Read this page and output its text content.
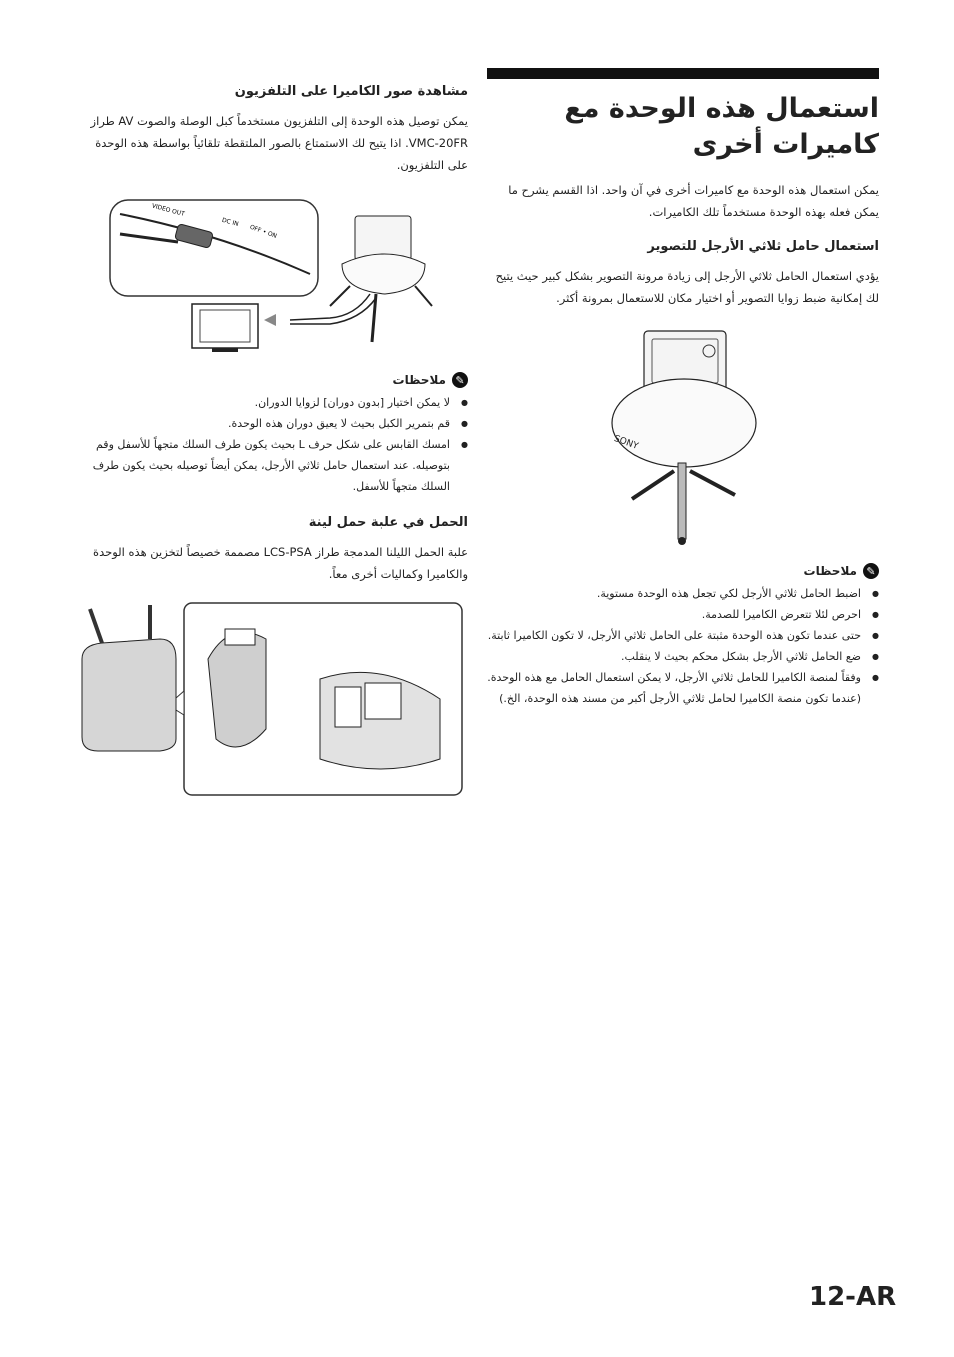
استعمال هذه الوحدة مع كاميرات أخرى

يمكن استعمال هذه الوحدة مع كاميرات أخرى في آن واحد. اذا القسم يشرح ما يمكن فعله بهذه الوحدة مستخدماً تلك الكاميرات.

استعمال حامل ثلاثي الأرجل للتصوير

يؤدي استعمال الحامل ثلاثي الأرجل إلى زيادة مرونة التصوير بشكل كبير حيث يتيح لك إمكانية ضبط زوايا التصوير أو اختيار مكان للاستعمال بمرونة أكثر.

SONY
✎
ملاحظات
● اضبط الحامل ثلاثي الأرجل لكي تجعل هذه الوحدة مستوية.
● احرص لئلا تتعرض الكاميرا للصدمة.
● حتى عندما تكون هذه الوحدة مثبتة على الحامل ثلاثي الأرجل، لا تكون الكاميرا ثابتة.
● ضع الحامل ثلاثي الأرجل بشكل محكم بحيث لا ينقلب.
● وفقاً لمنصة الكاميرا للحامل ثلاثي الأرجل، لا يمكن استعمال الحامل مع هذه الوحدة. (عندما تكون منصة الكاميرا لحامل ثلاثي الأرجل أكبر من مسند هذه الوحدة، الخ.)
مشاهدة صور الكاميرا على التلفزيون

يمكن توصيل هذه الوحدة إلى التلفزيون مستخدماً كبل الوصلة والصوت AV طراز VMC-20FR. اذا يتيح لك الاستمتاع بالصور الملتقطة تلقائياً بواسطة هذه الوحدة على التلفزيون.

VIDEO OUT
DC IN
OFF • ON
✎
ملاحظات
● لا يمكن اختيار [بدون دوران] لزوايا الدوران.
● قم بتمرير الكبل بحيث لا يعيق دوران هذه الوحدة.
● امسك القابس على شكل حرف L بحيث يكون طرف السلك متجهاً للأسفل وقم بتوصيله. عند استعمال حامل ثلاثي الأرجل، يمكن أيضاً توصيله بحيث يكون طرف السلك متجهاً للأسفل.
الحمل في علبة حمل لينة

علبة الحمل الليلنا المدمجة طراز LCS-PSA مصممة خصيصاً لتخزين هذه الوحدة والكاميرا وكماليات أخرى معاً.

12-AR
